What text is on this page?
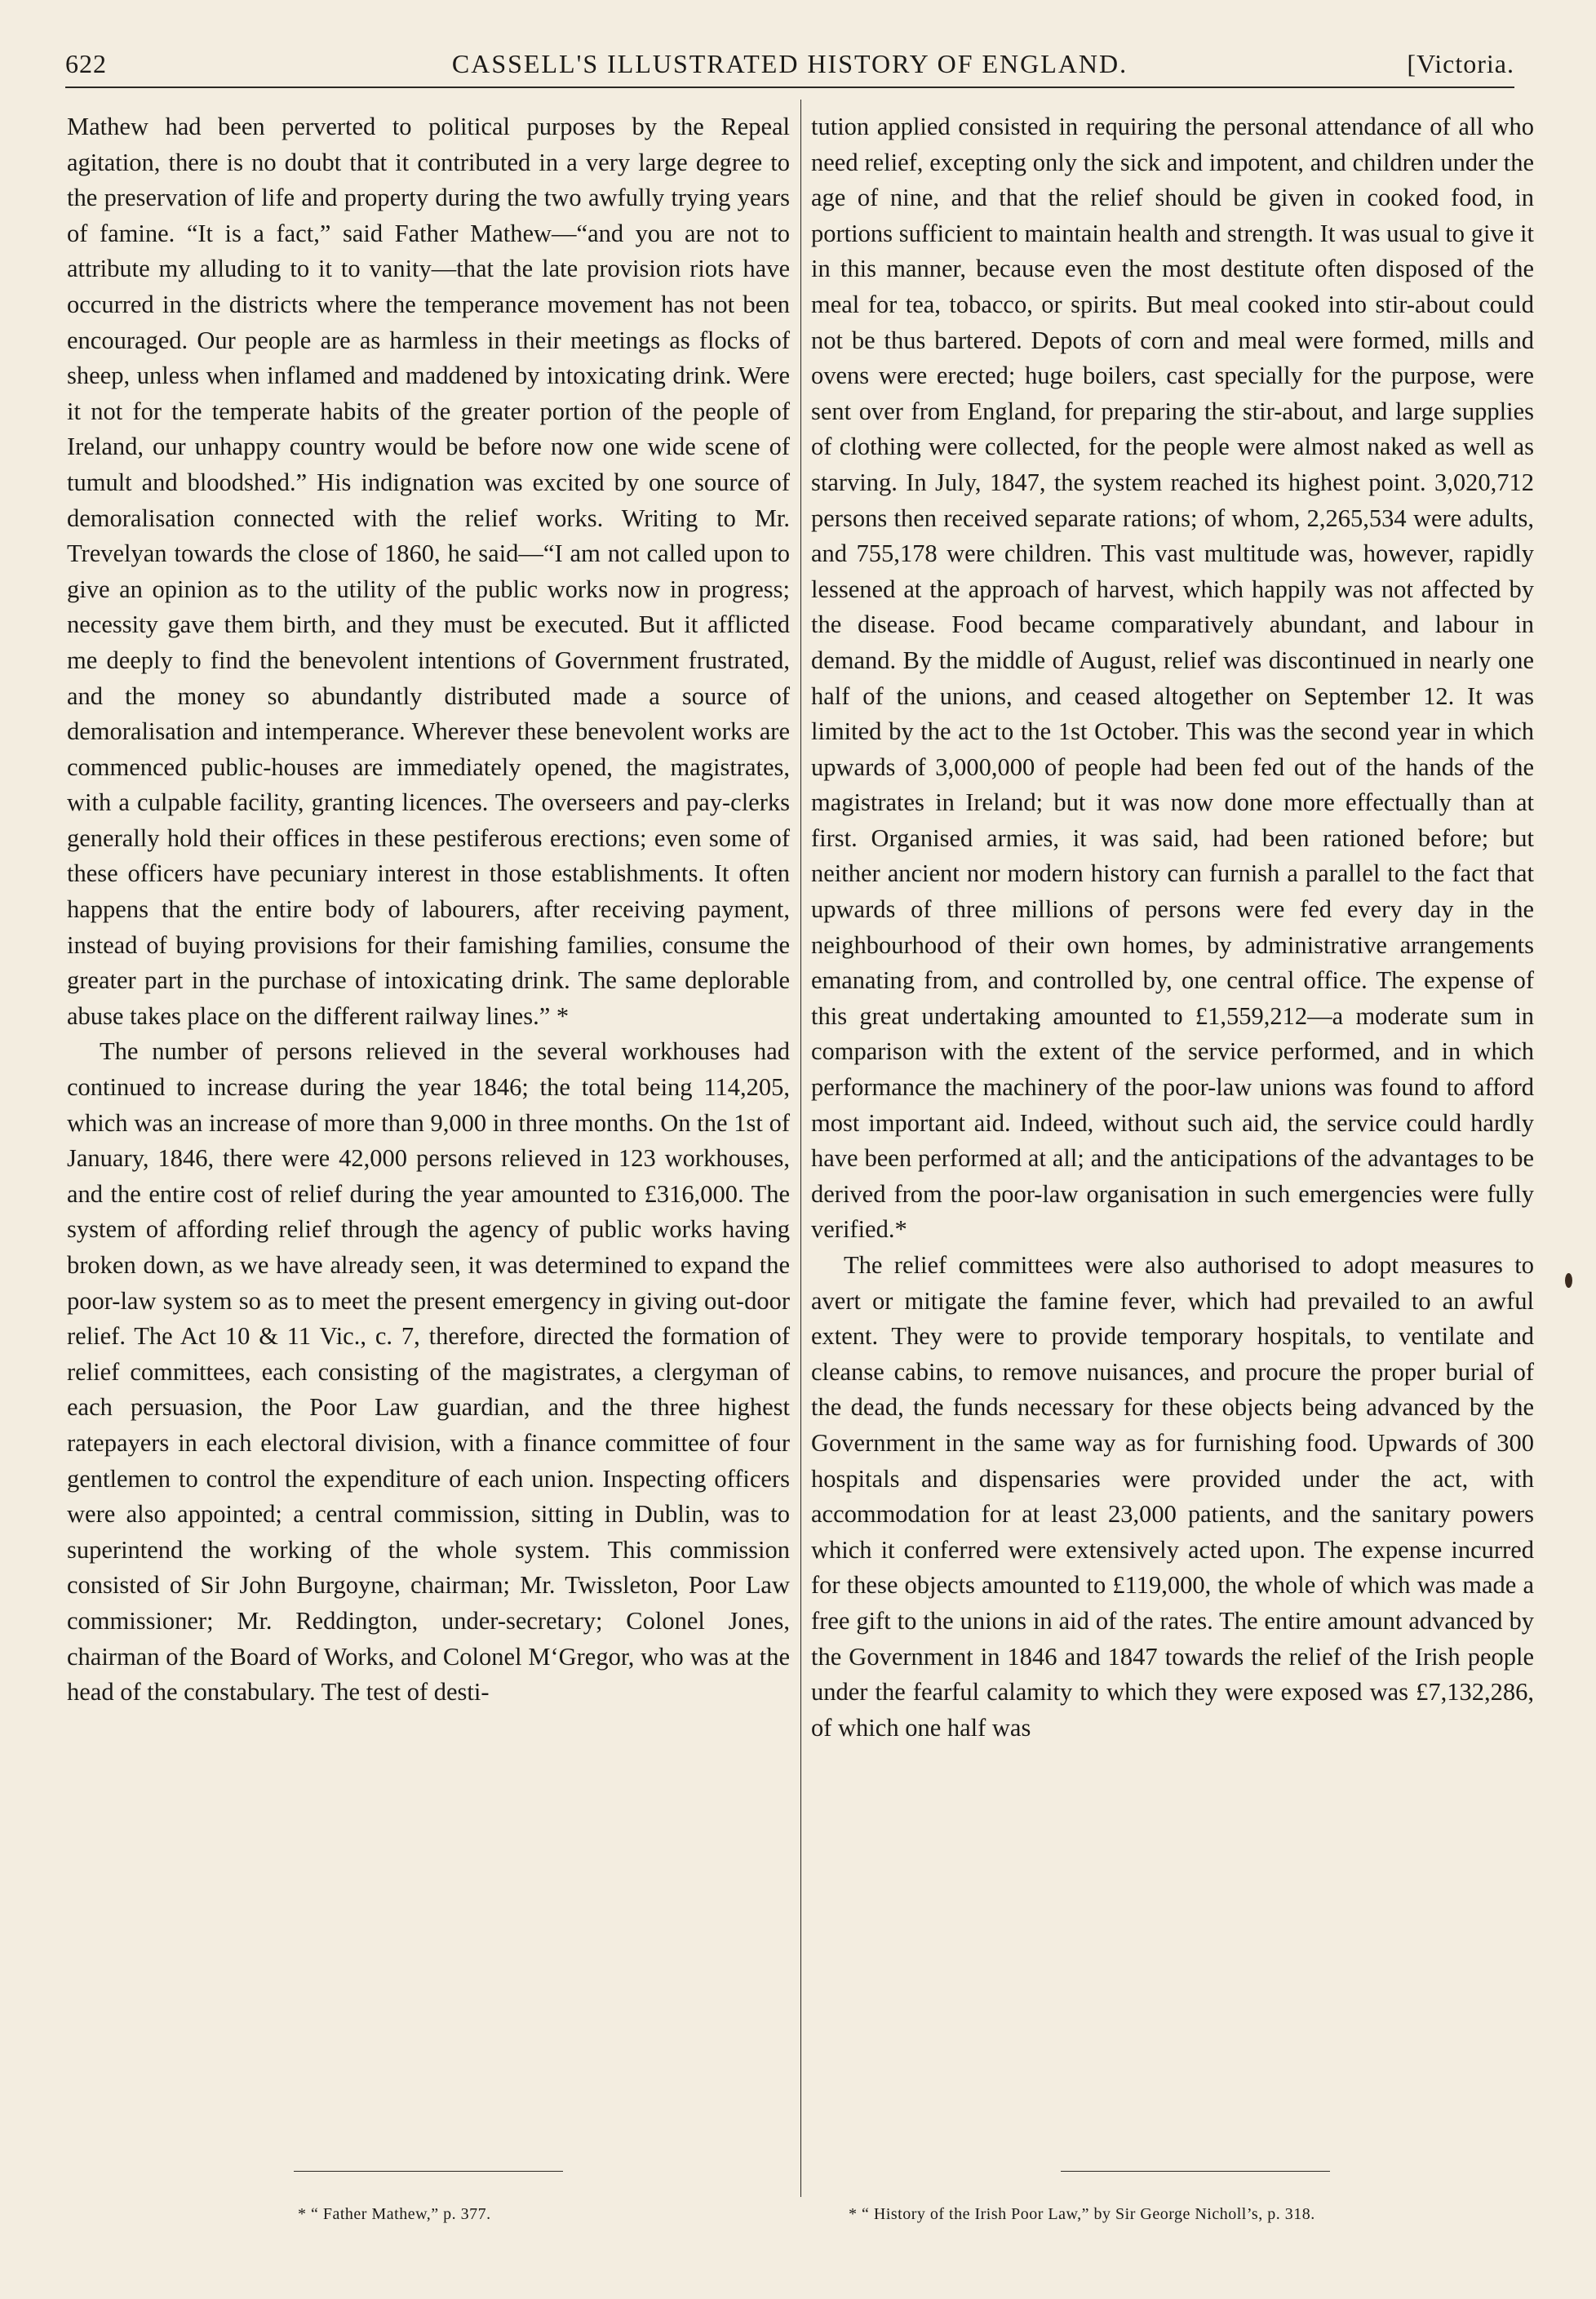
622	CASSELL'S ILLUSTRATED HISTORY OF ENGLAND.	[Victoria.

Mathew had been perverted to political purposes by the Repeal agitation, there is no doubt that it contributed in a very large degree to the preservation of life and property during the two awfully trying years of famine. “It is a fact,” said Father Mathew—“and you are not to attribute my alluding to it to vanity—that the late provision riots have occurred in the districts where the temperance movement has not been encouraged. Our people are as harmless in their meetings as flocks of sheep, unless when inflamed and maddened by intoxicating drink. Were it not for the temperate habits of the greater portion of the people of Ireland, our unhappy country would be before now one wide scene of tumult and bloodshed.” His indignation was excited by one source of demoralisation connected with the relief works. Writing to Mr. Trevelyan towards the close of 1860, he said—“I am not called upon to give an opinion as to the utility of the public works now in progress; necessity gave them birth, and they must be executed. But it afflicted me deeply to find the benevolent intentions of Government frustrated, and the money so abundantly distributed made a source of demoralisation and intemperance. Wherever these benevolent works are commenced public-houses are immediately opened, the magistrates, with a culpable facility, granting licences. The overseers and pay-clerks generally hold their offices in these pestiferous erections; even some of these officers have pecuniary interest in those establishments. It often happens that the entire body of labourers, after receiving payment, instead of buying provisions for their famishing families, consume the greater part in the purchase of intoxicating drink. The same deplorable abuse takes place on the different railway lines.” *

The number of persons relieved in the several workhouses had continued to increase during the year 1846; the total being 114,205, which was an increase of more than 9,000 in three months. On the 1st of January, 1846, there were 42,000 persons relieved in 123 workhouses, and the entire cost of relief during the year amounted to £316,000. The system of affording relief through the agency of public works having broken down, as we have already seen, it was determined to expand the poor-law system so as to meet the present emergency in giving out-door relief. The Act 10 & 11 Vic., c. 7, therefore, directed the formation of relief committees, each consisting of the magistrates, a clergyman of each persuasion, the Poor Law guardian, and the three highest ratepayers in each electoral division, with a finance committee of four gentlemen to control the expenditure of each union. Inspecting officers were also appointed; a central commission, sitting in Dublin, was to superintend the working of the whole system. This commission consisted of Sir John Burgoyne, chairman; Mr. Twissleton, Poor Law commissioner; Mr. Reddington, under-secretary; Colonel Jones, chairman of the Board of Works, and Colonel M‘Gregor, who was at the head of the constabulary. The test of desti-

tution applied consisted in requiring the personal attendance of all who need relief, excepting only the sick and impotent, and children under the age of nine, and that the relief should be given in cooked food, in portions sufficient to maintain health and strength. It was usual to give it in this manner, because even the most destitute often disposed of the meal for tea, tobacco, or spirits. But meal cooked into stir-about could not be thus bartered. Depots of corn and meal were formed, mills and ovens were erected; huge boilers, cast specially for the purpose, were sent over from England, for preparing the stir-about, and large supplies of clothing were collected, for the people were almost naked as well as starving. In July, 1847, the system reached its highest point. 3,020,712 persons then received separate rations; of whom, 2,265,534 were adults, and 755,178 were children. This vast multitude was, however, rapidly lessened at the approach of harvest, which happily was not affected by the disease. Food became comparatively abundant, and labour in demand. By the middle of August, relief was discontinued in nearly one half of the unions, and ceased altogether on September 12. It was limited by the act to the 1st October. This was the second year in which upwards of 3,000,000 of people had been fed out of the hands of the magistrates in Ireland; but it was now done more effectually than at first. Organised armies, it was said, had been rationed before; but neither ancient nor modern history can furnish a parallel to the fact that upwards of three millions of persons were fed every day in the neighbourhood of their own homes, by administrative arrangements emanating from, and controlled by, one central office. The expense of this great undertaking amounted to £1,559,212—a moderate sum in comparison with the extent of the service performed, and in which performance the machinery of the poor-law unions was found to afford most important aid. Indeed, without such aid, the service could hardly have been performed at all; and the anticipations of the advantages to be derived from the poor-law organisation in such emergencies were fully verified.*

The relief committees were also authorised to adopt measures to avert or mitigate the famine fever, which had prevailed to an awful extent. They were to provide temporary hospitals, to ventilate and cleanse cabins, to remove nuisances, and procure the proper burial of the dead, the funds necessary for these objects being advanced by the Government in the same way as for furnishing food. Upwards of 300 hospitals and dispensaries were provided under the act, with accommodation for at least 23,000 patients, and the sanitary powers which it conferred were extensively acted upon. The expense incurred for these objects amounted to £119,000, the whole of which was made a free gift to the unions in aid of the rates. The entire amount advanced by the Government in 1846 and 1847 towards the relief of the Irish people under the fearful calamity to which they were exposed was £7,132,286, of which one half was

* “ Father Mathew,” p. 377.	* “ History of the Irish Poor Law,” by Sir George Nicholl’s, p. 318.
